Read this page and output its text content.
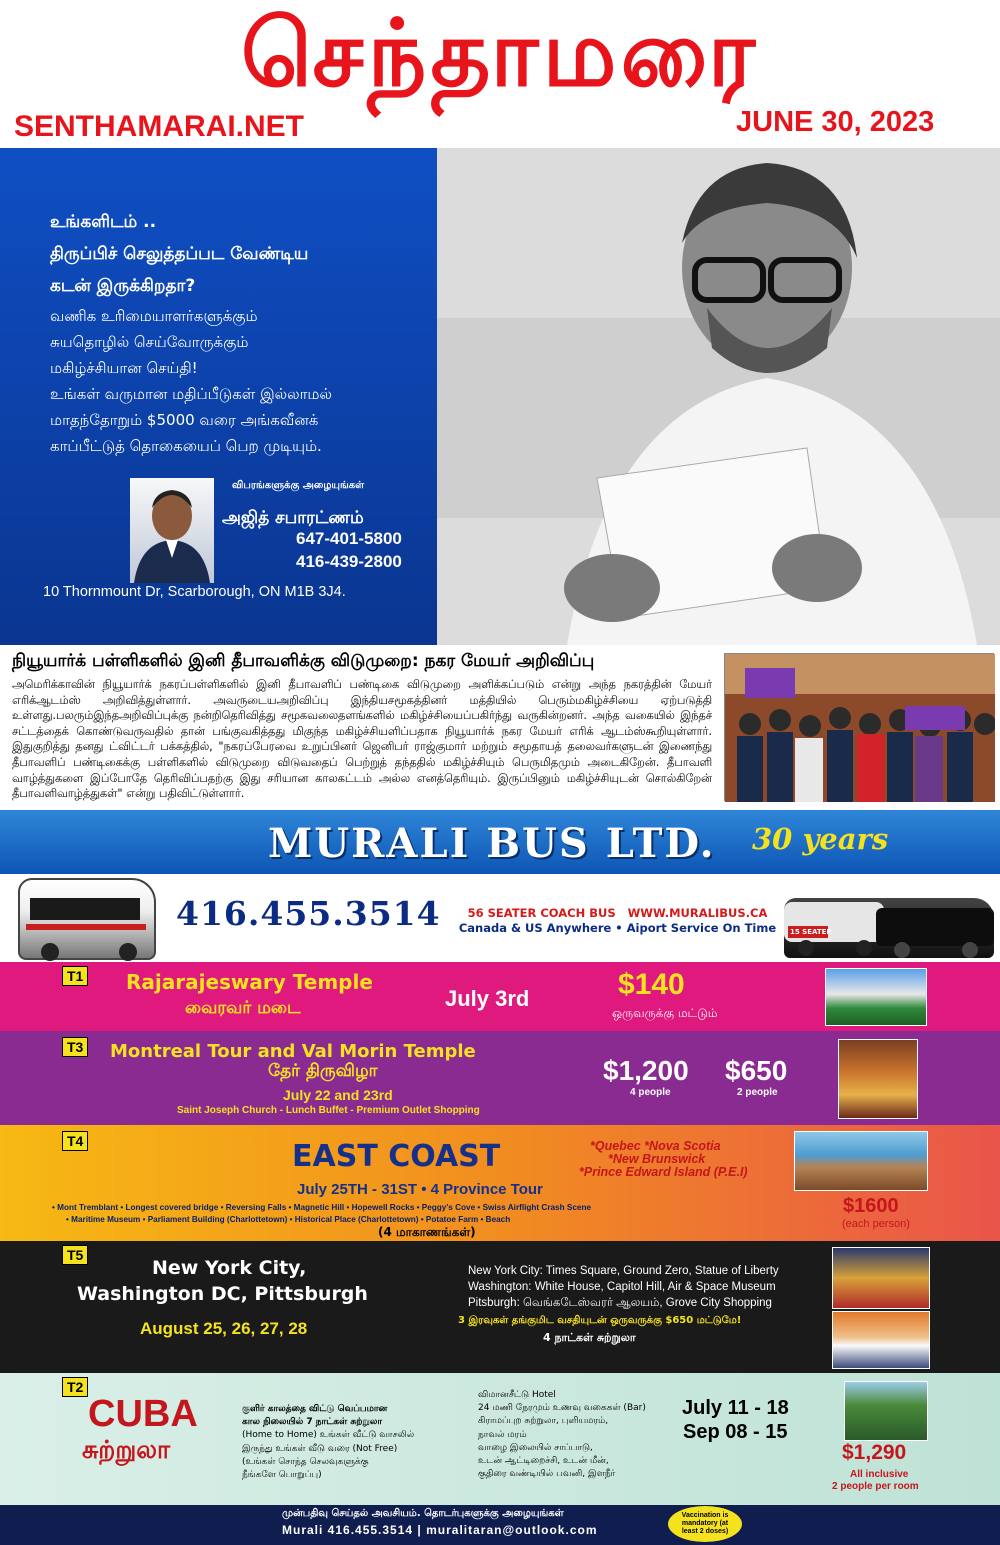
செந்தாமரை
SENTHAMARAI.NET	JUNE 30, 2023
உங்களிடம் ..
திருப்பிச் செலுத்தப்பட வேண்டிய
கடன் இருக்கிறதா?
வணிக உரிமையாளர்களுக்கும்
சுயதொழில் செய்வோருக்கும்
மகிழ்ச்சியான செய்தி!
உங்கள் வருமான மதிப்பீடுகள் இல்லாமல்
மாதந்தோறும் $5000 வரை அங்கவீனக்
காப்பீட்டுத் தொகையைப் பெற முடியும்.
விபரங்களுக்கு அழையுங்கள்
அஜித் சபாரட்ணம்
647-401-5800
416-439-2800
10 Thornmount Dr, Scarborough, ON M1B 3J4.
நியூயார்க் பள்ளிகளில் இனி தீபாவளிக்கு விடுமுறை: நகர மேயர் அறிவிப்பு
அமெரிக்காவின் நியூயார்க் நகரப்பள்ளிகளில் இனி தீபாவளிப் பண்டிகை விடுமுறை அளிக்கப்படும் என்று அந்த நகரத்தின் மேயர் எரிக்ஆடம்ஸ் அறிவித்துள்ளார். அவருடையஅறிவிப்பு இந்தியசமூகத்தினர் மத்தியில் பெரும்மகிழ்ச்சியை ஏற்படுத்தி உள்ளது.பலரும்இந்தஅறிவிப்புக்கு நன்றிதெரிவித்து சமூகவலைதளங்களில் மகிழ்ச்சியைப்பகிர்ந்து வருகின்றனர். அந்த வகையில் இந்தச் சட்டத்தைக் கொண்டுவருவதில் தான் பங்குவகித்தது மிகுந்த மகிழ்ச்சியளிப்பதாக நியூயார்க் நகர மேயர் எரிக் ஆடம்ஸ்கூறியுள்ளார். இதுகுறித்து தனது ட்விட்டர் பக்கத்தில், "நகரப்பேரவை உறுப்பினர் ஜெனிபர் ராஜ்குமார் மற்றும் சமூதாயத் தலைவர்களுடன் இணைந்து தீபாவளிப் பண்டிகைக்கு பள்ளிகளில் விடுமுறை விடுவதைப் பெற்றுத் தந்ததில் மகிழ்ச்சியும் பெருமிதமும் அடைகிறேன். தீபாவளி வாழ்த்துகளை இப்போதே தெரிவிப்பதற்கு இது சரியான காலகட்டம் அல்ல எனத்தெரியும். இருப்பினும் மகிழ்ச்சியுடன் சொல்கிறேன் தீபாவளிவாழ்த்துகள்" என்று பதிவிட்டுள்ளார்.
MURALI BUS LTD. 30 years
416.455.3514	56 SEATER COACH BUS WWW.MURALIBUS.CA
Canada & US Anywhere • Aiport Service On Time	15 SEATER
T1 Rajarajeswary Temple
வைரவர் மடை	July 3rd	$140
ஒருவருக்கு மட்டும்
T3 Montreal Tour and Val Morin Temple
தேர் திருவிழா
July 22 and 23rd
Saint Joseph Church - Lunch Buffet - Premium Outlet Shopping
$1,200
4 people
$650
2 people
T4	EAST COAST	*Quebec *Nova Scotia
*New Brunswick
*Prince Edward Island (P.E.I)
July 25TH - 31ST • 4 Province Tour
• Mont Tremblant • Longest covered bridge • Reversing Falls • Magnetic Hill • Hopewell Rocks • Peggy's Cove • Swiss Airflight Crash Scene
• Maritime Museum • Parliament Building (Charlottetown) • Historical Place (Charlottetown) • Potatoe Farm • Beach
(4 மாகாணங்கள்)
$1600
(each person)
T5
New York City,
Washington DC, Pittsburgh
August 25, 26, 27, 28
New York City: Times Square, Ground Zero, Statue of Liberty
Washington: White House, Capitol Hill, Air & Space Museum
Pitsburgh: வெங்கடேஸ்வரர் ஆலயம், Grove City Shopping
3 இரவுகள் தங்குமிட வசதியுடன் ஒருவருக்கு $650 மட்டுமே!
4 நாட்கள் சுற்றுலா
T2
CUBA
சுற்றுலா
குளிர் காலத்தை விட்டு வெப்பமான
கால நிலையில் 7 நாட்கள் சுற்றுலா
(Home to Home) உங்கள் வீட்டு வாசலில்
இருந்து உங்கள் வீடு வரை (Not Free)
(உங்கள் சொந்த செலவுகளுக்கு
நீங்களே பொறுப்பு)
விமானசீட்டு Hotel
24 மணி நேரமும் உணவு வகைகள் (Bar)
கிராமப்புற சுற்றுலா, புளியமரம்,
நாவல் மரம்
வாழை இலையில் சாப்பாடு,
உடன் ஆட்டிறைச்சி, உடன் மீன்,
குதிரை வண்டியில் பவனி, இளநீர்
July 11 - 18
Sep 08 - 15
$1,290
All inclusive
2 people per room
முன்பதிவு செய்தல் அவசியம். தொடர்புகளுக்கு அழையுங்கள்
Murali 416.455.3514 | muralitaran@outlook.com
Vaccination is mandatory (at least 2 doses)
